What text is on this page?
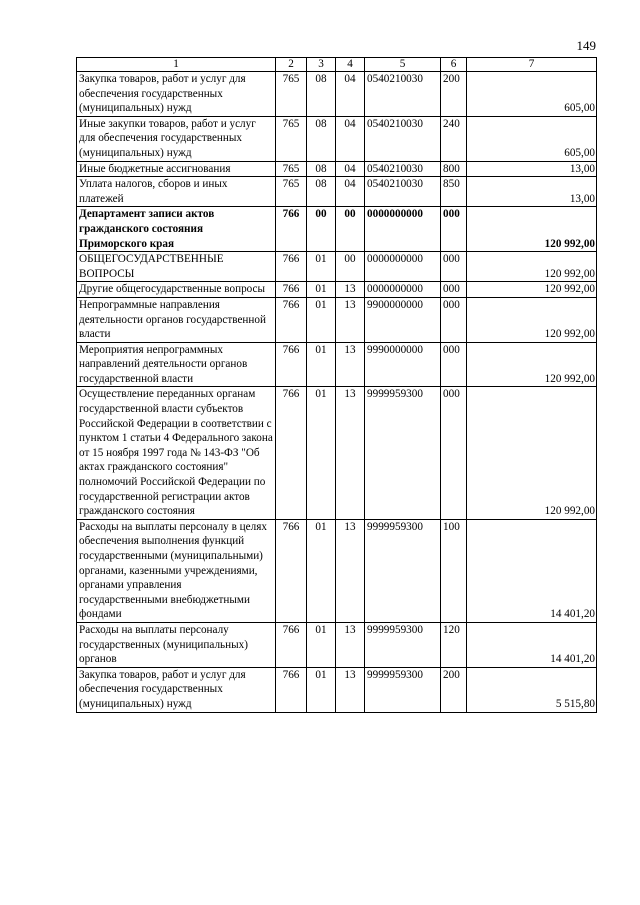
149
1	2	3	4	5	6	7
Закупка товаров, работ и услуг для обеспечения государственных (муниципальных) нужд	765	08	04	0540210030	200	605,00
Иные закупки товаров, работ и услуг для обеспечения государственных (муниципальных) нужд	765	08	04	0540210030	240	605,00
Иные бюджетные ассигнования	765	08	04	0540210030	800	13,00
Уплата налогов, сборов и иных платежей	765	08	04	0540210030	850	13,00
Департамент записи актов гражданского состояния Приморского края	766	00	00	0000000000	000	120 992,00
ОБЩЕГОСУДАРСТВЕННЫЕ ВОПРОСЫ	766	01	00	0000000000	000	120 992,00
Другие общегосударственные вопросы	766	01	13	0000000000	000	120 992,00
Непрограммные направления деятельности органов государственной власти	766	01	13	9900000000	000	120 992,00
Мероприятия непрограммных направлений деятельности органов государственной власти	766	01	13	9990000000	000	120 992,00
Осуществление переданных органам государственной власти субъектов Российской Федерации в соответствии с пунктом 1 статьи 4 Федерального закона от 15 ноября 1997 года № 143-ФЗ "Об актах гражданского состояния" полномочий Российской Федерации по государственной регистрации актов гражданского состояния	766	01	13	9999959300	000	120 992,00
Расходы на выплаты персоналу в целях обеспечения выполнения функций государственными (муниципальными) органами, казенными учреждениями, органами управления государственными внебюджетными фондами	766	01	13	9999959300	100	14 401,20
Расходы на выплаты персоналу государственных (муниципальных) органов	766	01	13	9999959300	120	14 401,20
Закупка товаров, работ и услуг для обеспечения государственных (муниципальных) нужд	766	01	13	9999959300	200	5 515,80
